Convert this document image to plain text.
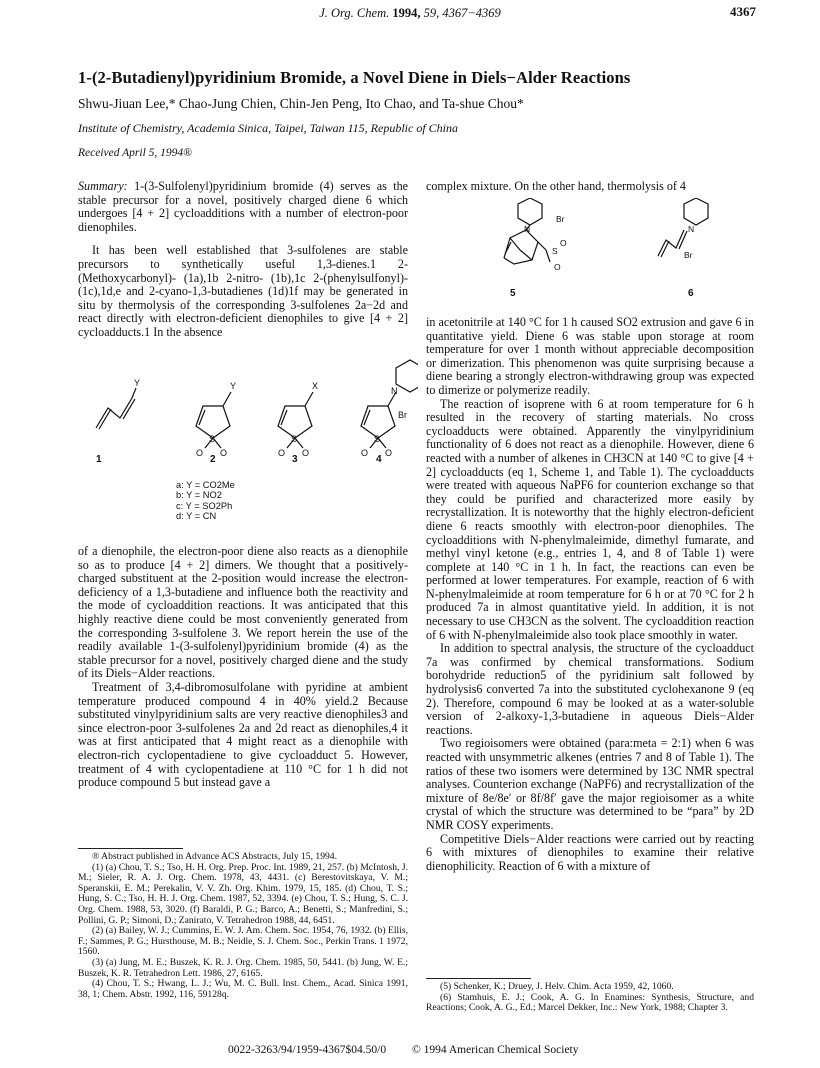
J. Org. Chem. 1994, 59, 4367−4369	4367
1-(2-Butadienyl)pyridinium Bromide, a Novel Diene in Diels−Alder Reactions
Shwu-Jiuan Lee,* Chao-Jung Chien, Chin-Jen Peng, Ito Chao, and Ta-shue Chou*
Institute of Chemistry, Academia Sinica, Taipei, Taiwan 115, Republic of China
Received April 5, 1994®

Summary: 1-(3-Sulfolenyl)pyridinium bromide (4) serves as the stable precursor for a novel, positively charged diene 6 which undergoes [4 + 2] cycloadditions with a number of electron-poor dienophiles.

It has been well established that 3-sulfolenes are stable precursors to synthetically useful 1,3-dienes.1 2-(Methoxycarbonyl)- (1a),1b 2-nitro- (1b),1c 2-(phenylsulfonyl)- (1c),1d,e and 2-cyano-1,3-butadienes (1d)1f may be generated in situ by thermolysis of the corresponding 3-sulfolenes 2a−2d and react directly with electron-deficient dienophiles to give [4 + 2] cycloadducts.1 In the absence

Y	Y	X
S	S	S
O O	O O	O O
N
Br
1	2	3	4
a: Y = CO2Me
b: Y = NO2
c: Y = SO2Ph
d: Y = CN

of a dienophile, the electron-poor diene also reacts as a dienophile so as to produce [4 + 2] dimers. We thought that a positively-charged substituent at the 2-position would increase the electron-deficiency of a 1,3-butadiene and influence both the reactivity and the mode of cycloaddition reactions. It was anticipated that this highly reactive diene could be most conveniently generated from the corresponding 3-sulfolene 3. We report herein the use of the readily available 1-(3-sulfolenyl)pyridinium bromide (4) as the stable precursor for a novel, positively charged diene and the study of its Diels−Alder reactions.

Treatment of 3,4-dibromosulfolane with pyridine at ambient temperature produced compound 4 in 40% yield.2 Because substituted vinylpyridinium salts are very reactive dienophiles3 and since electron-poor 3-sulfolenes 2a and 2d react as dienophiles,4 it was at first anticipated that 4 might react as a dienophile with electron-rich cyclopentadiene to give cycloadduct 5. However, treatment of 4 with cyclopentadiene at 110 °C for 1 h did not produce compound 5 but instead gave a

® Abstract published in Advance ACS Abstracts, July 15, 1994.

(1) (a) Chou, T. S.; Tso, H. H. Org. Prep. Proc. Int. 1989, 21, 257. (b) McIntosh, J. M.; Sieler, R. A. J. Org. Chem. 1978, 43, 4431. (c) Berestovitskaya, V. M.; Speranskii, E. M.; Perekalin, V. V. Zh. Org. Khim. 1979, 15, 185. (d) Chou, T. S.; Hung, S. C.; Tso, H. H. J. Org. Chem. 1987, 52, 3394. (e) Chou, T. S.; Hung, S. C. J. Org. Chem. 1988, 53, 3020. (f) Baraldi, P. G.; Barco, A.; Benetti, S.; Manfredini, S.; Pollini, G. P.; Simoni, D.; Zanirato, V. Tetrahedron 1988, 44, 6451.

(2) (a) Bailey, W. J.; Cummins, E. W. J. Am. Chem. Soc. 1954, 76, 1932. (b) Ellis, F.; Sammes, P. G.; Hursthouse, M. B.; Neidle, S. J. Chem. Soc., Perkin Trans. 1 1972, 1560.

(3) (a) Jung, M. E.; Buszek, K. R. J. Org. Chem. 1985, 50, 5441. (b) Jung, W. E.; Buszek, K. R. Tetrahedron Lett. 1986, 27, 6165.

(4) Chou, T. S.; Hwang, L. J.; Wu, M. C. Bull. Inst. Chem., Acad. Sinica 1991, 38, 1; Chem. Abstr. 1992, 116, 59128q.

complex mixture. On the other hand, thermolysis of 4

N
Br
S
O
O
N
Br
5	6

in acetonitrile at 140 °C for 1 h caused SO2 extrusion and gave 6 in quantitative yield. Diene 6 was stable upon storage at room temperature for over 1 month without appreciable decomposition or dimerization. This phenomenon was quite surprising because a diene bearing a strongly electron-withdrawing group was expected to dimerize or polymerize readily.

The reaction of isoprene with 6 at room temperature for 6 h resulted in the recovery of starting materials. No cross cycloadducts were obtained. Apparently the vinylpyridinium functionality of 6 does not react as a dienophile. However, diene 6 reacted with a number of alkenes in CH3CN at 140 °C to give [4 + 2] cycloadducts (eq 1, Scheme 1, and Table 1). The cycloadducts were treated with aqueous NaPF6 for counterion exchange so that they could be purified and characterized more easily by recrystallization. It is noteworthy that the highly electron-deficient diene 6 reacts smoothly with electron-poor dienophiles. The cycloadditions with N-phenylmaleimide, dimethyl fumarate, and methyl vinyl ketone (e.g., entries 1, 4, and 8 of Table 1) were complete at 140 °C in 1 h. In fact, the reactions can even be performed at lower temperatures. For example, reaction of 6 with N-phenylmaleimide at room temperature for 6 h or at 70 °C for 2 h produced 7a in almost quantitative yield. In addition, it is not necessary to use CH3CN as the solvent. The cycloaddition reaction of 6 with N-phenylmaleimide also took place smoothly in water.

In addition to spectral analysis, the structure of the cycloadduct 7a was confirmed by chemical transformations. Sodium borohydride reduction5 of the pyridinium salt followed by hydrolysis6 converted 7a into the substituted cyclohexanone 9 (eq 2). Therefore, compound 6 may be looked at as a water-soluble version of 2-alkoxy-1,3-butadiene in aqueous Diels−Alder reactions.

Two regioisomers were obtained (para:meta = 2:1) when 6 was reacted with unsymmetric alkenes (entries 7 and 8 of Table 1). The ratios of these two isomers were determined by 13C NMR spectral analyses. Counterion exchange (NaPF6) and recrystallization of the mixture of 8e/8e′ or 8f/8f′ gave the major regioisomer as a white crystal of which the structure was determined to be “para” by 2D NMR COSY experiments.

Competitive Diels−Alder reactions were carried out by reacting 6 with mixtures of dienophiles to examine their relative dienophilicity. Reaction of 6 with a mixture of

(5) Schenker, K.; Druey, J. Helv. Chim. Acta 1959, 42, 1060.

(6) Stamhuis, E. J.; Cook, A. G. In Enamines: Synthesis, Structure, and Reactions; Cook, A. G., Ed.; Marcel Dekker, Inc.: New York, 1988; Chapter 3.

0022-3263/94/1959-4367$04.50/0 © 1994 American Chemical Society
